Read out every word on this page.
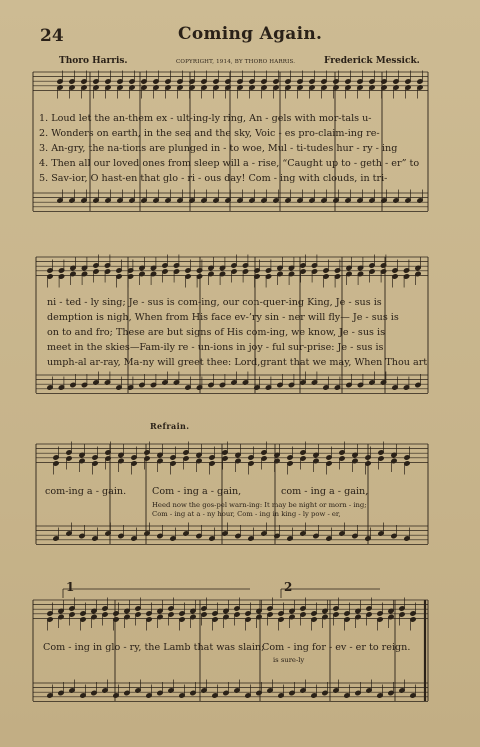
24	Coming Again.
Thoro Harris.	COPYRIGHT, 1914, BY THORO HARRIS.	Frederick Messick.
1. Loud let the an-them ex - ult-ing-ly ring, An - gels with mor-tals u-
2. Wonders on earth, in the sea and the sky, Voic - es pro-claim-ing re-
3. An-gry, the na-tions are plunged in - to woe, Mul - ti-tudes hur - ry - ing
4. Then all our loved ones from sleep will a - rise, “Caught up to - geth - er” to
5. Sav-ior, O hast-en that glo - ri - ous day! Com - ing with clouds, in tri-
ni - ted - ly sing; Je - sus is com-ing, our con-quer-ing King, Je - sus is
demption is nigh, When from His face ev-’ry sin - ner will fly— Je - sus is
on to and fro; These are but signs of His com-ing, we know, Je - sus is
meet in the skies—Fam-ily re - un-ions in joy - ful sur-prise: Je - sus is
umph-al ar-ray, Ma-ny will greet thee: Lord,grant that we may, When Thou art
Refrain.
com-ing a - gain.	Com - ing a - gain,	com - ing a - gain,
Heed now the gos-pel warn-ing: It may be night or morn - ing;
Com - ing at a - ny hour, Com - ing in king - ly pow - er,
1	2
Com - ing in glo - ry, the Lamb that was slain;
Com - ing for - ev - er to reign.
is sure-ly
